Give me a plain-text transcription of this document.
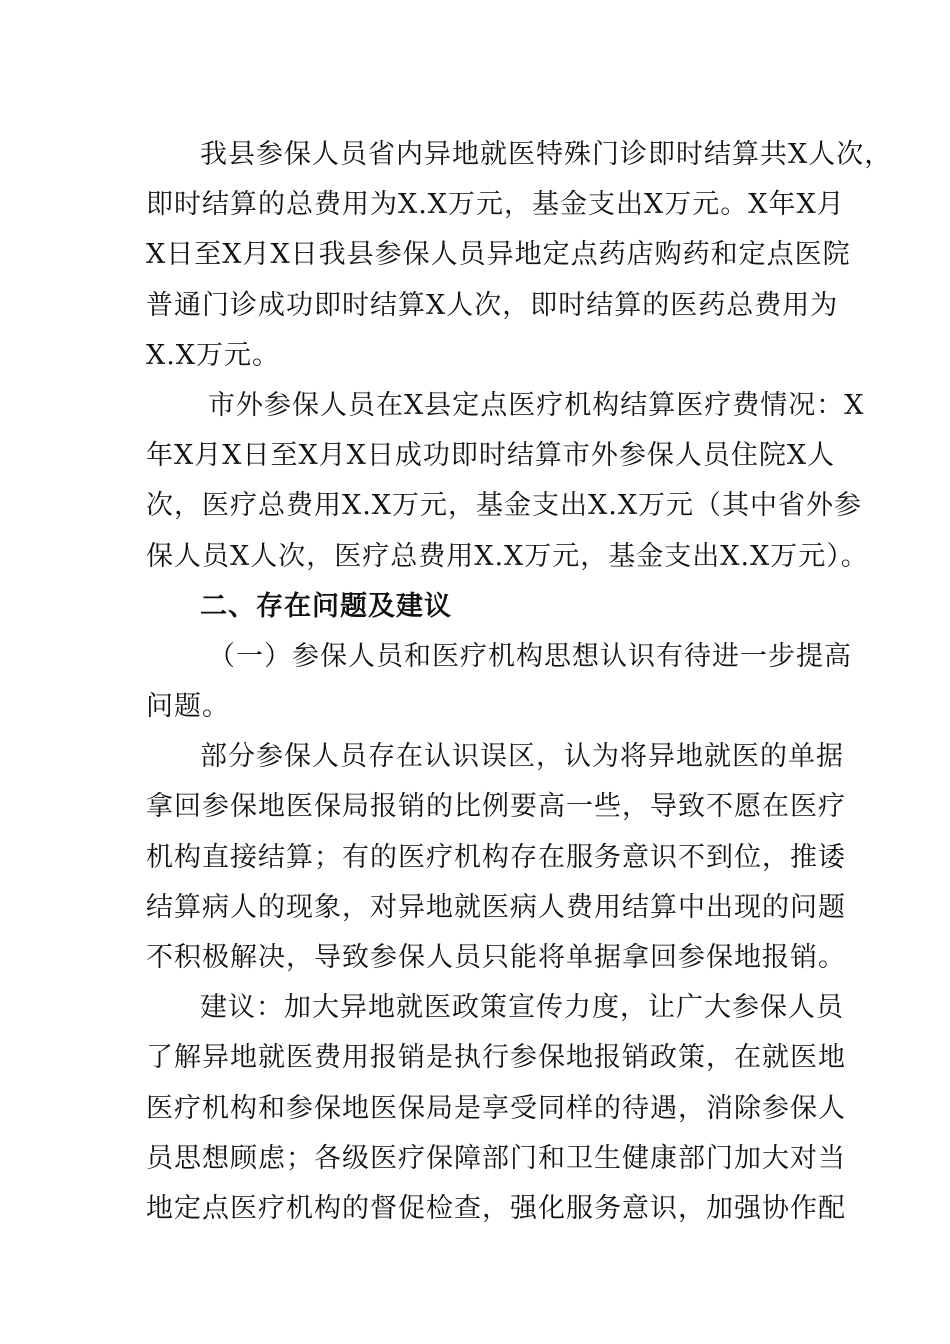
我县参保人员省内异地就医特殊门诊即时结算共X人次，
即时结算的总费用为X.X万元，基金支出X万元。X年X月
X日至X月X日我县参保人员异地定点药店购药和定点医院
普通门诊成功即时结算X人次，即时结算的医药总费用为
X.X万元。
市外参保人员在X县定点医疗机构结算医疗费情况：X
年X月X日至X月X日成功即时结算市外参保人员住院X人
次，医疗总费用X.X万元，基金支出X.X万元（其中省外参
保人员X人次，医疗总费用X.X万元，基金支出X.X万元）。
二、存在问题及建议
（一）参保人员和医疗机构思想认识有待进一步提高
问题。
部分参保人员存在认识误区，认为将异地就医的单据
拿回参保地医保局报销的比例要高一些，导致不愿在医疗
机构直接结算；有的医疗机构存在服务意识不到位，推诿
结算病人的现象，对异地就医病人费用结算中出现的问题
不积极解决，导致参保人员只能将单据拿回参保地报销。
建议：加大异地就医政策宣传力度，让广大参保人员
了解异地就医费用报销是执行参保地报销政策，在就医地
医疗机构和参保地医保局是享受同样的待遇，消除参保人
员思想顾虑；各级医疗保障部门和卫生健康部门加大对当
地定点医疗机构的督促检查，强化服务意识，加强协作配
